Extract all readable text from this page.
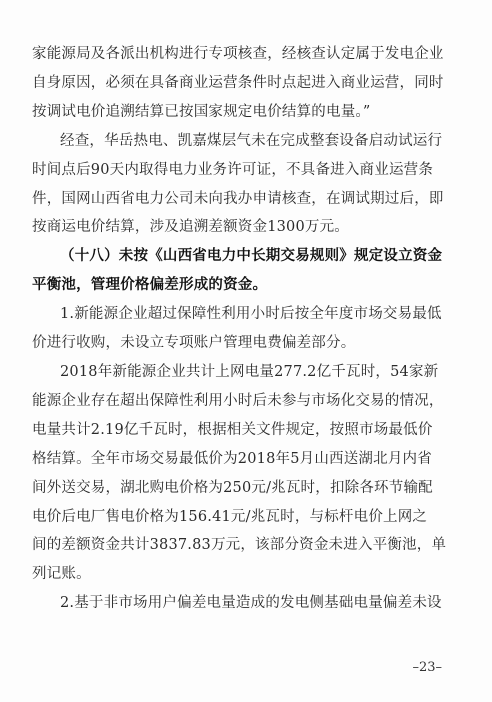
家能源局及各派出机构进行专项核查，经核查认定属于发电企业
自身原因，必须在具备商业运营条件时点起进入商业运营，同时
按调试电价追溯结算已按国家规定电价结算的电量。”

经查，华岳热电、凯嘉煤层气未在完成整套设备启动试运行
时间点后90天内取得电力业务许可证，不具备进入商业运营条
件，国网山西省电力公司未向我办申请核查，在调试期过后，即
按商运电价结算，涉及追溯差额资金1300万元。

（十八）未按《山西省电力中长期交易规则》规定设立资金
平衡池，管理价格偏差形成的资金。

1.新能源企业超过保障性利用小时后按全年度市场交易最低
价进行收购，未设立专项账户管理电费偏差部分。

2018年新能源企业共计上网电量277.2亿千瓦时，54家新
能源企业存在超出保障性利用小时后未参与市场化交易的情况，
电量共计2.19亿千瓦时，根据相关文件规定，按照市场最低价
格结算。全年市场交易最低价为2018年5月山西送湖北月内省
间外送交易，湖北购电价格为250元/兆瓦时，扣除各环节输配
电价后电厂售电价格为156.41元/兆瓦时，与标杆电价上网之
间的差额资金共计3837.83万元，该部分资金未进入平衡池，单
列记账。

2.基于非市场用户偏差电量造成的发电侧基础电量偏差未设

–23–
